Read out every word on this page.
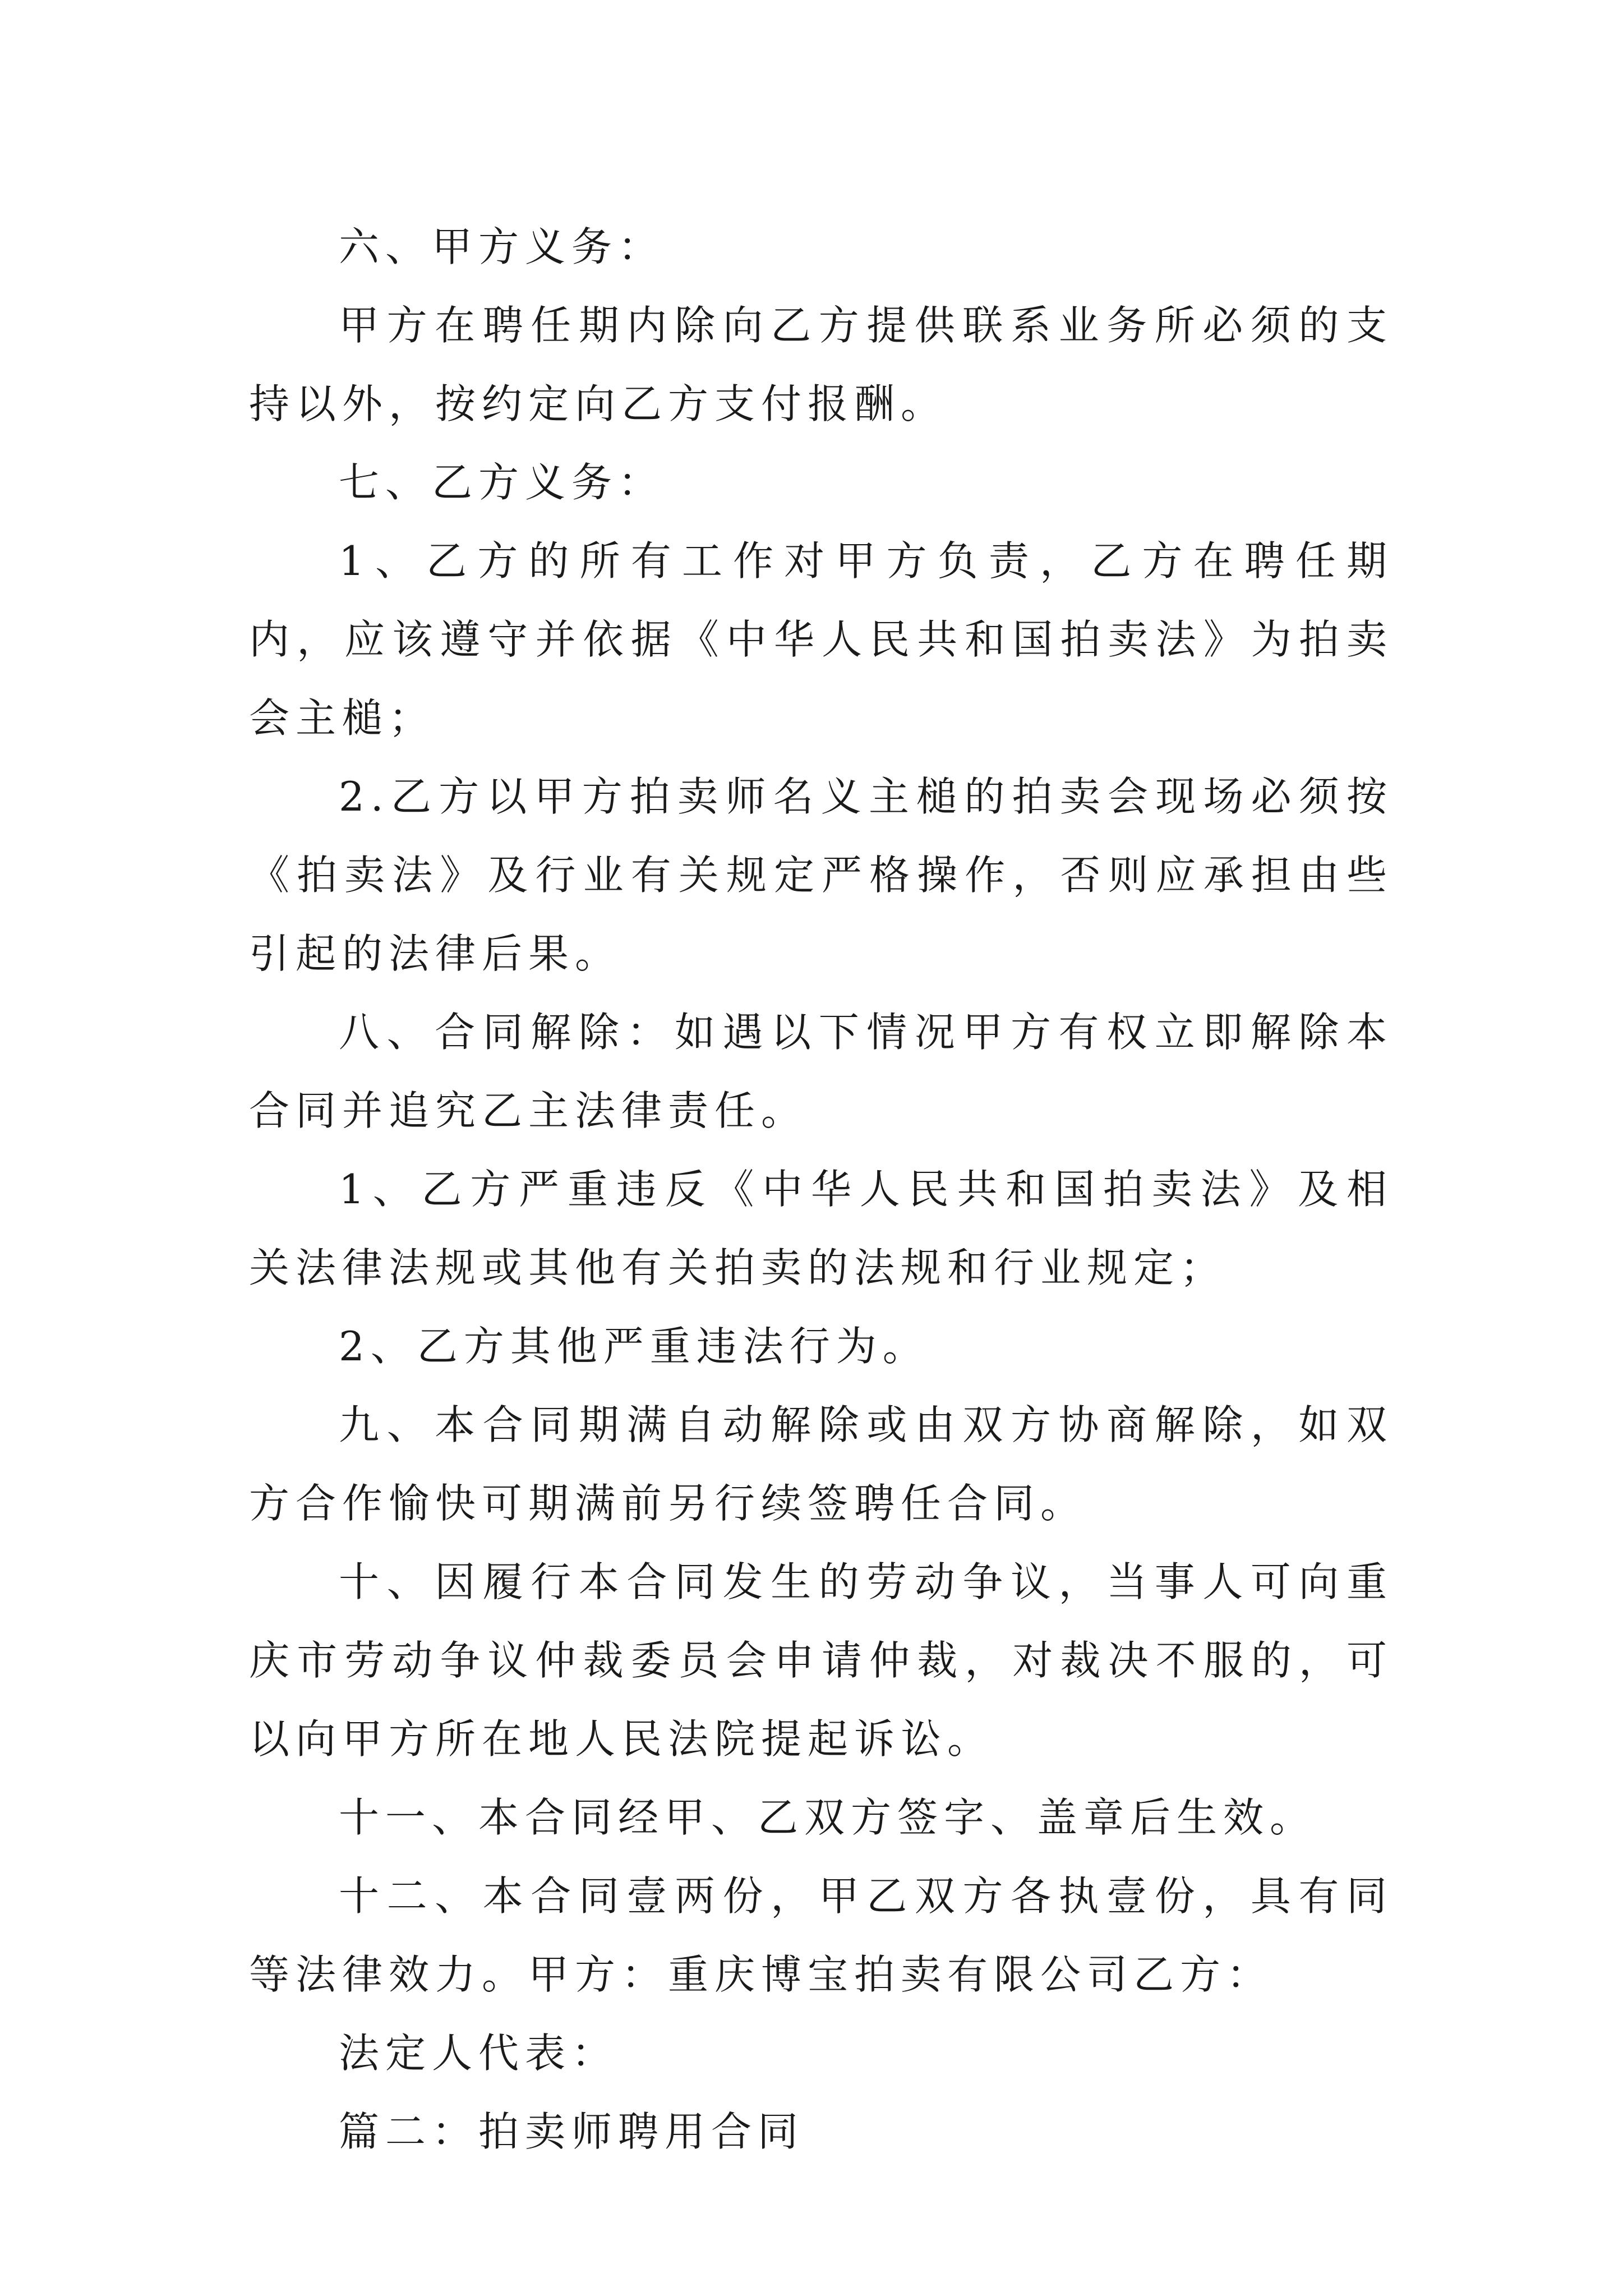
六、甲方义务：

甲方在聘任期内除向乙方提供联系业务所必须的支持以外，按约定向乙方支付报酬。

七、乙方义务：

1、乙方的所有工作对甲方负责，乙方在聘任期内，应该遵守并依据《中华人民共和国拍卖法》为拍卖会主槌；

2.乙方以甲方拍卖师名义主槌的拍卖会现场必须按《拍卖法》及行业有关规定严格操作，否则应承担由些引起的法律后果。

八、合同解除：如遇以下情况甲方有权立即解除本合同并追究乙主法律责任。

1、乙方严重违反《中华人民共和国拍卖法》及相关法律法规或其他有关拍卖的法规和行业规定；

2、乙方其他严重违法行为。

九、本合同期满自动解除或由双方协商解除，如双方合作愉快可期满前另行续签聘任合同。

十、因履行本合同发生的劳动争议，当事人可向重庆市劳动争议仲裁委员会申请仲裁，对裁决不服的，可以向甲方所在地人民法院提起诉讼。

十一、本合同经甲、乙双方签字、盖章后生效。

十二、本合同壹两份，甲乙双方各执壹份，具有同等法律效力。甲方：重庆博宝拍卖有限公司乙方：

法定人代表：

篇二：拍卖师聘用合同
